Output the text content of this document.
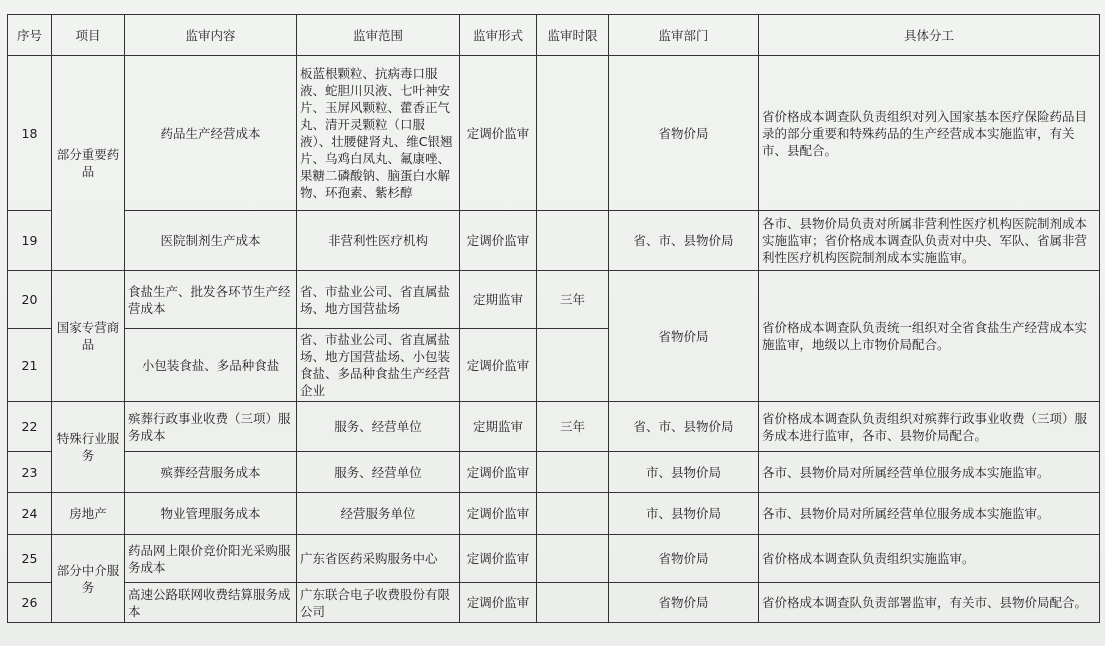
序号	项目	监审内容	监审范围	监审形式	监审时限	监审部门	具体分工
18	部分重要药品	药品生产经营成本	板蓝根颗粒、抗病毒口服液、蛇胆川贝液、七叶神安片、玉屏风颗粒、藿香正气丸、清开灵颗粒（口服液）、壮腰健肾丸、维C银翘片、乌鸡白凤丸、氟康唑、果糖二磷酸钠、脑蛋白水解物、环孢素、紫杉醇	定调价监审		省物价局	省价格成本调查队负责组织对列入国家基本医疗保险药品目录的部分重要和特殊药品的生产经营成本实施监审，有关市、县配合。
19		医院制剂生产成本	非营利性医疗机构	定调价监审		省、市、县物价局	各市、县物价局负责对所属非营利性医疗机构医院制剂成本实施监审；省价格成本调查队负责对中央、军队、省属非营利性医疗机构医院制剂成本实施监审。
20	国家专营商品	食盐生产、批发各环节生产经营成本	省、市盐业公司、省直属盐场、地方国营盐场	定期监审	三年	省物价局	省价格成本调查队负责统一组织对全省食盐生产经营成本实施监审，地级以上市物价局配合。
21		小包装食盐、多品种食盐	省、市盐业公司、省直属盐场、地方国营盐场、小包装食盐、多品种食盐生产经营企业	定调价监审			
22	特殊行业服务	殡葬行政事业收费（三项）服务成本	服务、经营单位	定期监审	三年	省、市、县物价局	省价格成本调查队负责组织对殡葬行政事业收费（三项）服务成本进行监审，各市、县物价局配合。
23		殡葬经营服务成本	服务、经营单位	定调价监审		市、县物价局	各市、县物价局对所属经营单位服务成本实施监审。
24	房地产	物业管理服务成本	经营服务单位	定调价监审		市、县物价局	各市、县物价局对所属经营单位服务成本实施监审。
25	部分中介服务	药品网上限价竞价阳光采购服务成本	广东省医药采购服务中心	定调价监审		省物价局	省价格成本调查队负责组织实施监审。
26		高速公路联网收费结算服务成本	广东联合电子收费股份有限公司	定调价监审		省物价局	省价格成本调查队负责部署监审，有关市、县物价局配合。
